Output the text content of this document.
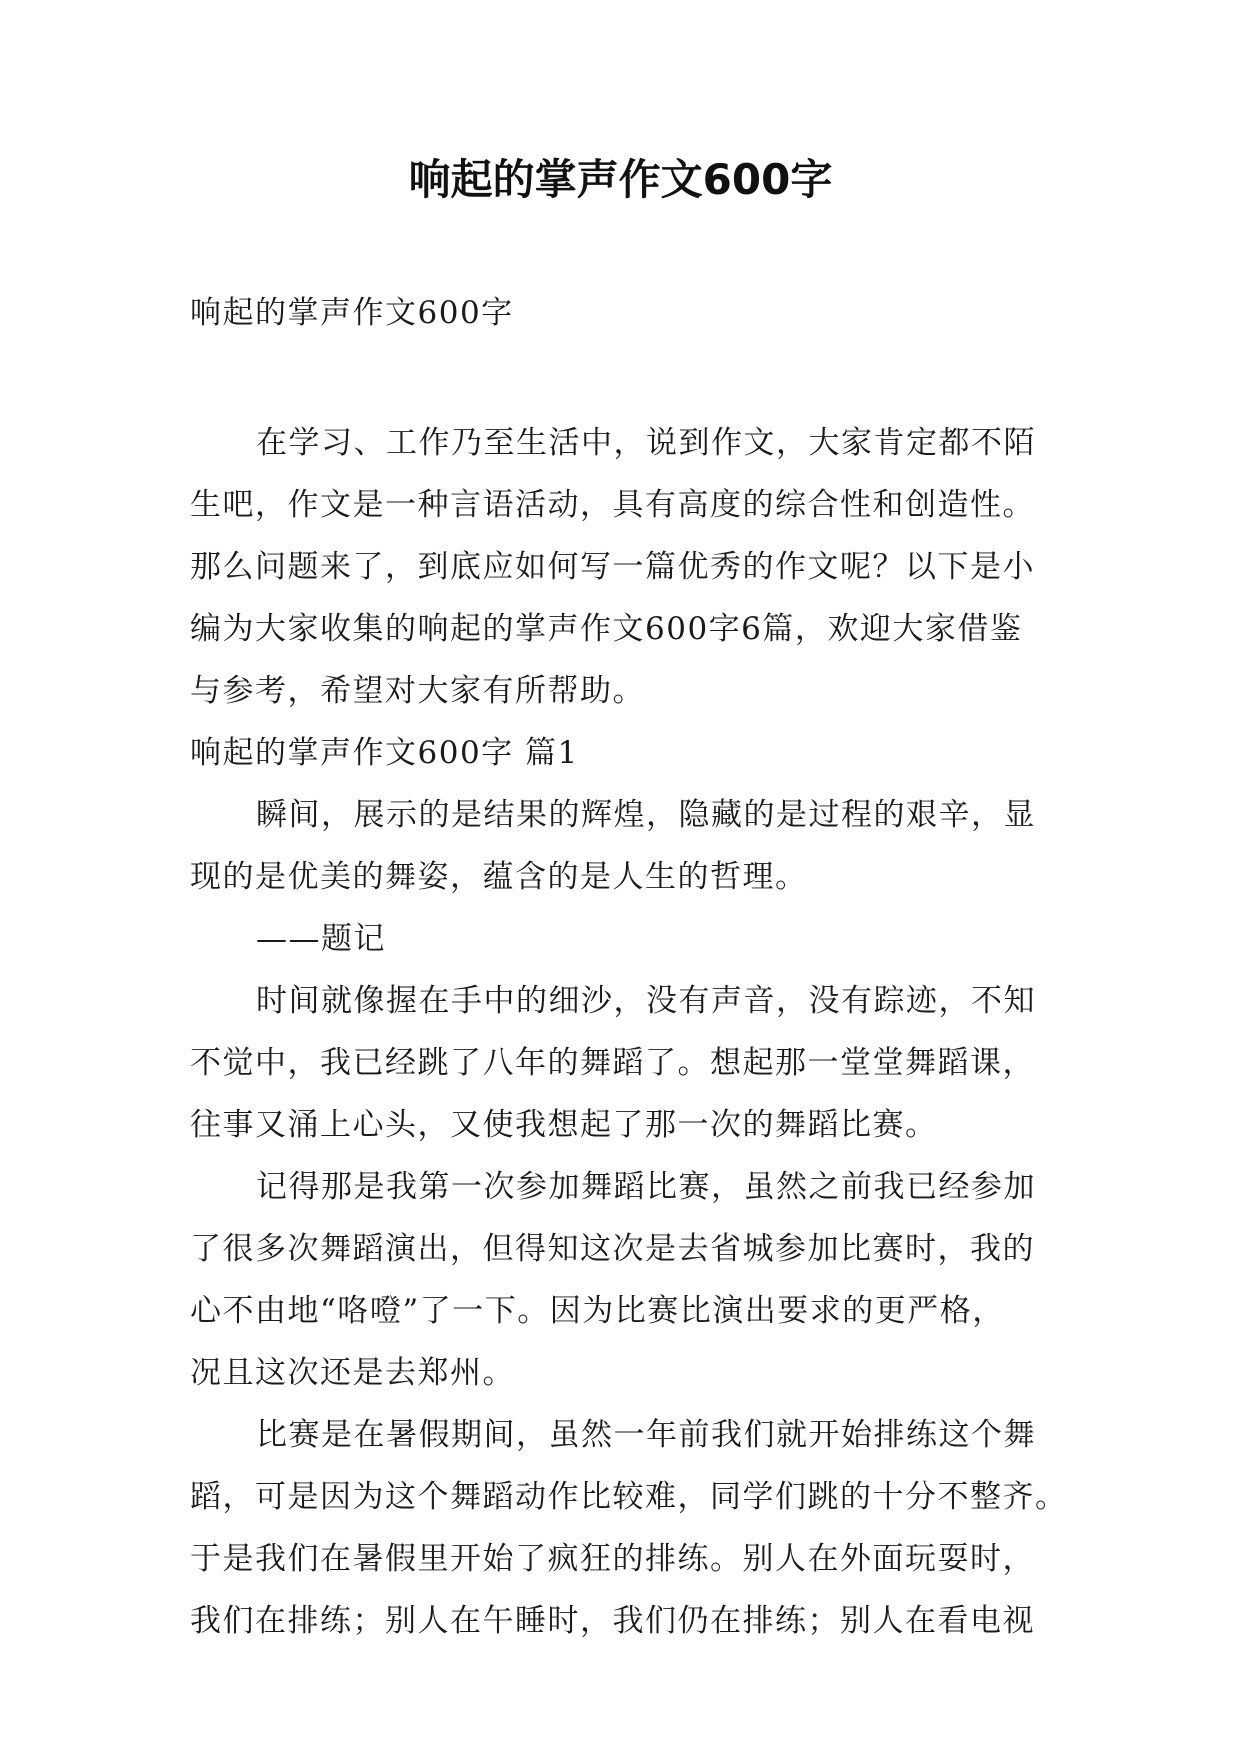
响起的掌声作文600字

响起的掌声作文600字

在学习、工作乃至生活中，说到作文，大家肯定都不陌

生吧，作文是一种言语活动，具有高度的综合性和创造性。

那么问题来了，到底应如何写一篇优秀的作文呢？以下是小

编为大家收集的响起的掌声作文600字6篇，欢迎大家借鉴

与参考，希望对大家有所帮助。

响起的掌声作文600字 篇1

瞬间，展示的是结果的辉煌，隐藏的是过程的艰辛，显

现的是优美的舞姿，蕴含的是人生的哲理。

——题记

时间就像握在手中的细沙，没有声音，没有踪迹，不知

不觉中，我已经跳了八年的舞蹈了。想起那一堂堂舞蹈课，

往事又涌上心头，又使我想起了那一次的舞蹈比赛。

记得那是我第一次参加舞蹈比赛，虽然之前我已经参加

了很多次舞蹈演出，但得知这次是去省城参加比赛时，我的

心不由地“咯噔”了一下。因为比赛比演出要求的更严格，

况且这次还是去郑州。

比赛是在暑假期间，虽然一年前我们就开始排练这个舞

蹈，可是因为这个舞蹈动作比较难，同学们跳的十分不整齐。

于是我们在暑假里开始了疯狂的排练。别人在外面玩耍时，

我们在排练；别人在午睡时，我们仍在排练；别人在看电视
